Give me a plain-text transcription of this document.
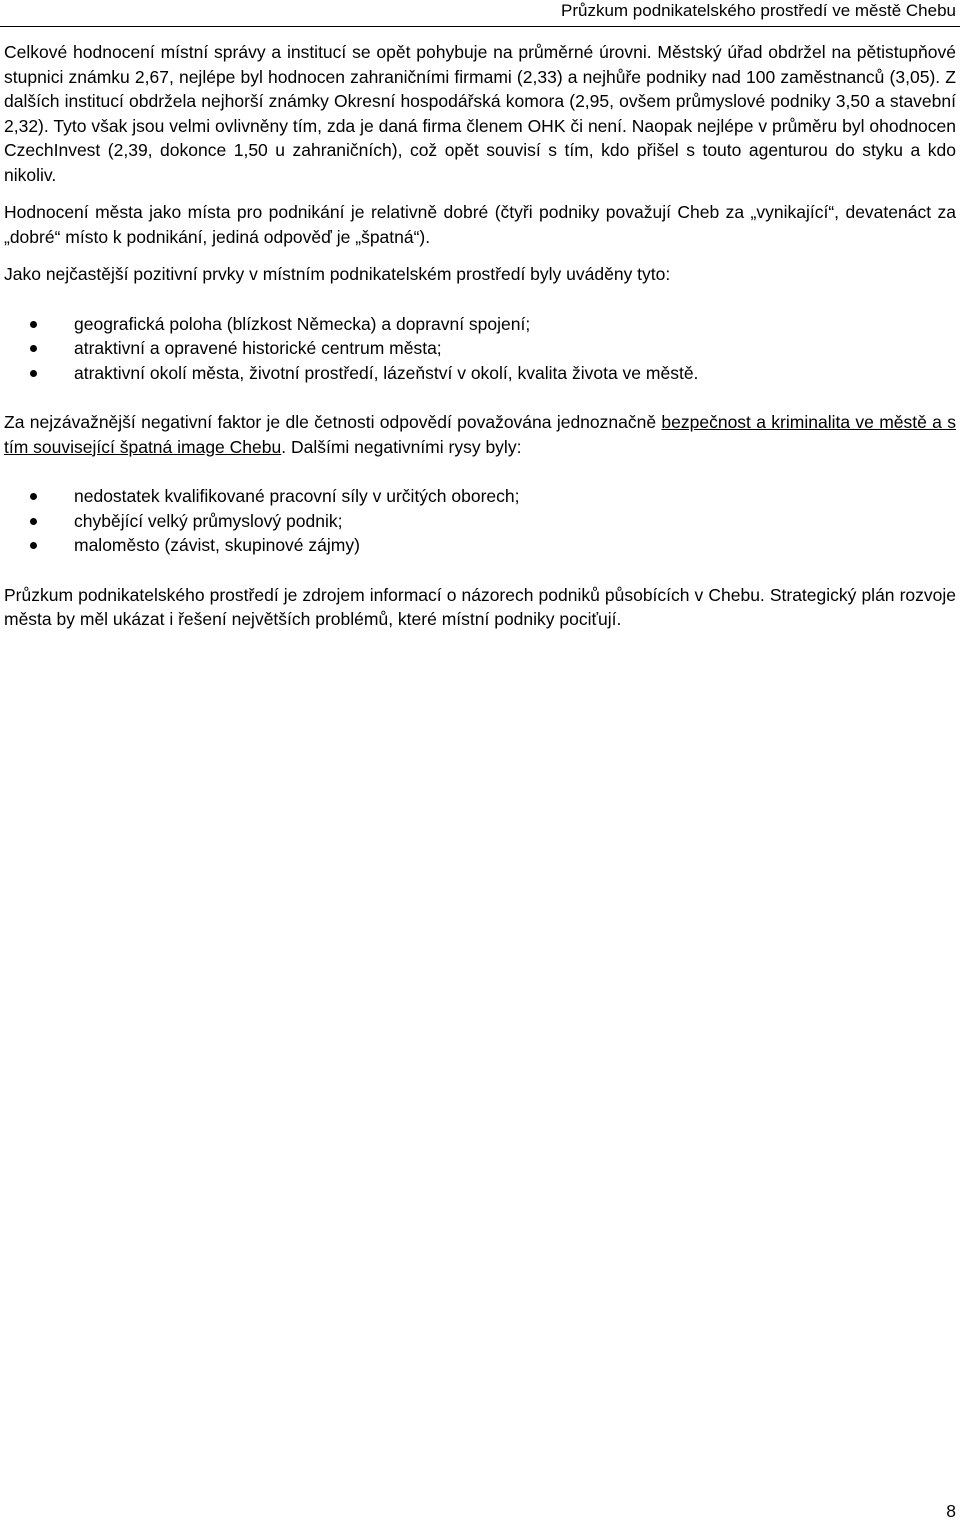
Průzkum podnikatelského prostředí ve městě Chebu

Celkové hodnocení místní správy a institucí se opět pohybuje na průměrné úrovni. Městský úřad obdržel na pětistupňové stupnici známku 2,67, nejlépe byl hodnocen zahraničními firmami (2,33) a nejhůře podniky nad 100 zaměstnanců (3,05). Z dalších institucí obdržela nejhorší známky Okresní hospodářská komora (2,95, ovšem průmyslové podniky 3,50 a stavební 2,32). Tyto však jsou velmi ovlivněny tím, zda je daná firma členem OHK či není. Naopak nejlépe v průměru byl ohodnocen CzechInvest (2,39, dokonce 1,50 u zahraničních), což opět souvisí s tím, kdo přišel s touto agenturou do styku a kdo nikoliv.

Hodnocení města jako místa pro podnikání je relativně dobré (čtyři podniky považují Cheb za „vynikající“, devatenáct za „dobré“ místo k podnikání, jediná odpověď je „špatná“).

Jako nejčastější pozitivní prvky v místním podnikatelském prostředí byly uváděny tyto:

geografická poloha (blízkost Německa) a dopravní spojení;
atraktivní a opravené historické centrum města;
atraktivní okolí města, životní prostředí, lázeňství v okolí, kvalita života ve městě.

Za nejzávažnější negativní faktor je dle četnosti odpovědí považována jednoznačně bezpečnost a kriminalita ve městě a s tím související špatná image Chebu. Dalšími negativními rysy byly:

nedostatek kvalifikované pracovní síly v určitých oborech;
chybějící velký průmyslový podnik;
maloměsto (závist, skupinové zájmy)

Průzkum podnikatelského prostředí je zdrojem informací o názorech podniků působících v Chebu. Strategický plán rozvoje města by měl ukázat i řešení největších problémů, které místní podniky pociťují.

8
